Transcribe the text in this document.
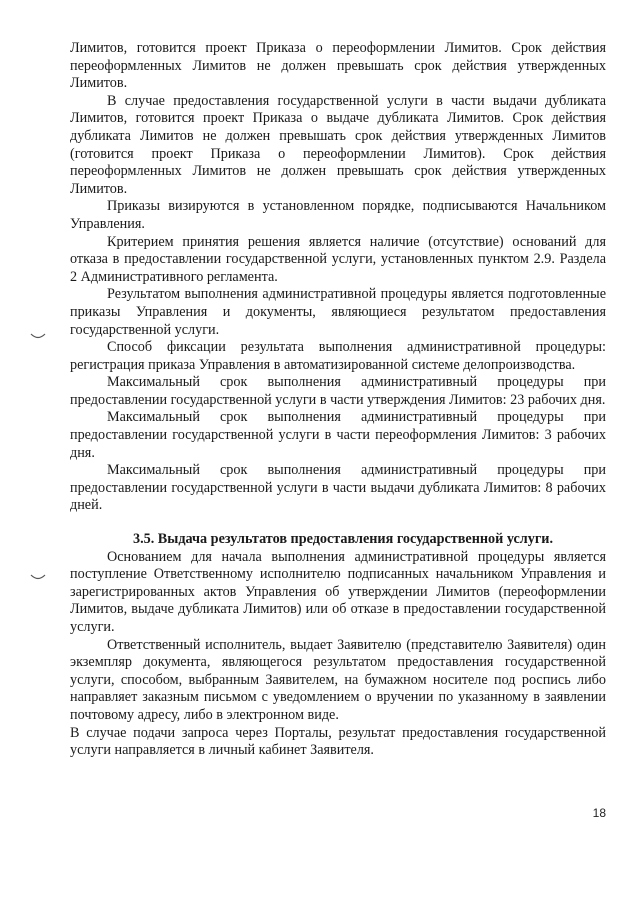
Лимитов, готовится проект Приказа о переоформлении Лимитов. Срок действия переоформленных Лимитов не должен превышать срок действия утвержденных Лимитов.

В случае предоставления государственной услуги в части выдачи дубликата Лимитов, готовится проект Приказа о выдаче дубликата Лимитов. Срок действия дубликата Лимитов не должен превышать срок действия утвержденных Лимитов (готовится проект Приказа о переоформлении Лимитов). Срок действия переоформленных Лимитов не должен превышать срок действия утвержденных Лимитов.

Приказы визируются в установленном порядке, подписываются Начальником Управления.

Критерием принятия решения является наличие (отсутствие) оснований для отказа в предоставлении государственной услуги, установленных пунктом 2.9. Раздела 2 Административного регламента.

Результатом выполнения административной процедуры является подготовленные приказы Управления и документы, являющиеся результатом предоставления государственной услуги.

Способ фиксации результата выполнения административной процедуры: регистрация приказа Управления в автоматизированной системе делопроизводства.

Максимальный срок выполнения административный процедуры при предоставлении государственной услуги в части утверждения Лимитов: 23 рабочих дня.

Максимальный срок выполнения административный процедуры при предоставлении государственной услуги в части переоформления Лимитов: 3 рабочих дня.

Максимальный срок выполнения административный процедуры при предоставлении государственной услуги в части выдачи дубликата Лимитов: 8 рабочих дней.

3.5. Выдача результатов предоставления государственной услуги.

Основанием для начала выполнения административной процедуры является поступление Ответственному исполнителю подписанных начальником Управления и зарегистрированных актов Управления об утверждении Лимитов (переоформлении Лимитов, выдаче дубликата Лимитов) или об отказе в предоставлении государственной услуги.

Ответственный исполнитель, выдает Заявителю (представителю Заявителя) один экземпляр документа, являющегося результатом предоставления государственной услуги, способом, выбранным Заявителем, на бумажном носителе под роспись либо направляет заказным письмом с уведомлением о вручении по указанному в заявлении почтовому адресу, либо в электронном виде.

В случае подачи запроса через Порталы, результат предоставления государственной услуги направляется в личный кабинет Заявителя.

18
